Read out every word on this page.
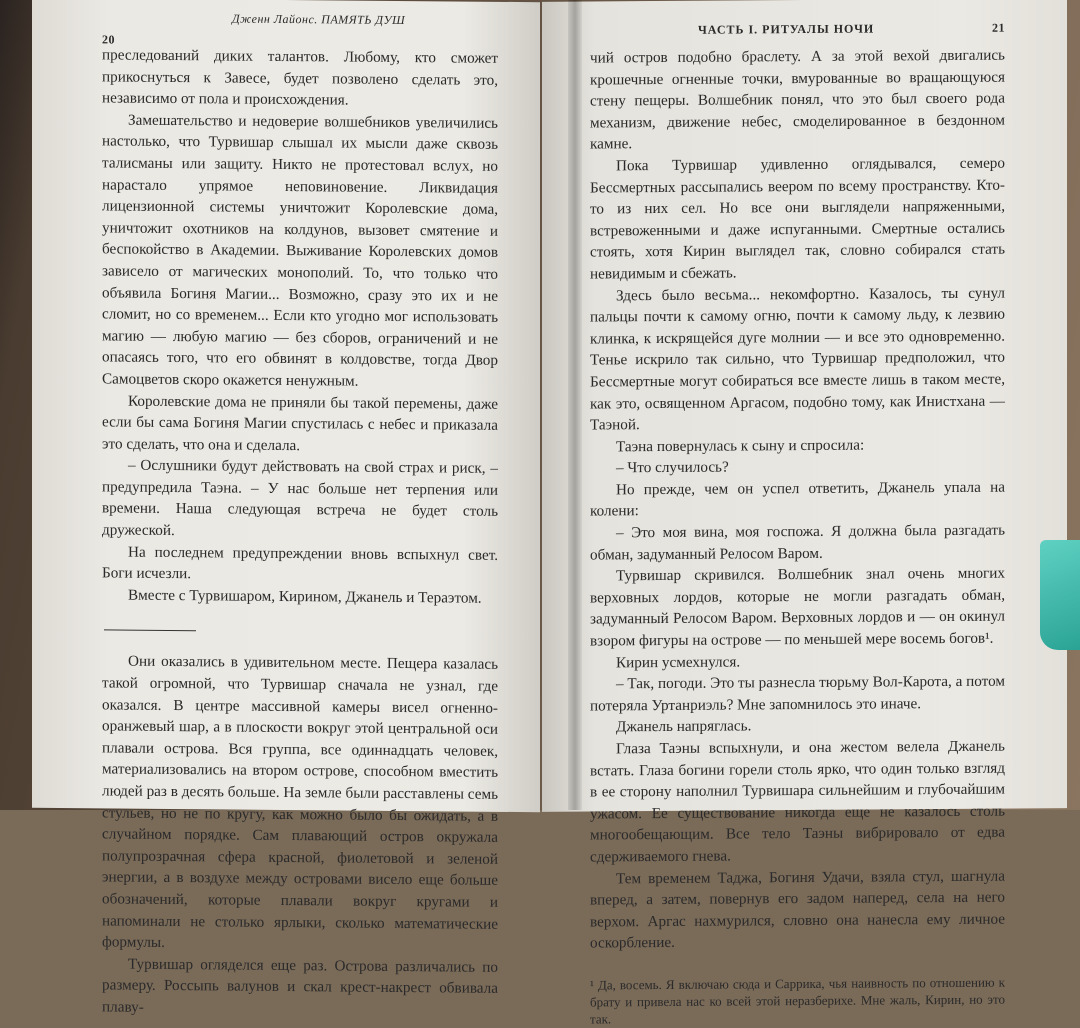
20
Дженн Лайонс. ПАМЯТЬ ДУШ

преследований диких талантов. Любому, кто сможет прикоснуться к Завесе, будет позволено сделать это, независимо от пола и происхождения.

Замешательство и недоверие волшебников увеличились настолько, что Турвишар слышал их мысли даже сквозь талисманы или защиту. Никто не протестовал вслух, но нарастало упрямое неповиновение. Ликвидация лицензионной системы уничтожит Королевские дома, уничтожит охотников на колдунов, вызовет смятение и беспокойство в Академии. Выживание Королевских домов зависело от магических монополий. То, что только что объявила Богиня Магии... Возможно, сразу это их и не сломит, но со временем... Если кто угодно мог использовать магию — любую магию — без сборов, ограничений и не опасаясь того, что его обвинят в колдовстве, тогда Двор Самоцветов скоро окажется ненужным.

Королевские дома не приняли бы такой перемены, даже если бы сама Богиня Магии спустилась с небес и приказала это сделать, что она и сделала.

– Ослушники будут действовать на свой страх и риск, – предупредила Таэна. – У нас больше нет терпения или времени. Наша следующая встреча не будет столь дружеской.

На последнем предупреждении вновь вспыхнул свет. Боги исчезли.

Вместе с Турвишаром, Кирином, Джанель и Тераэтом.

Они оказались в удивительном месте. Пещера казалась такой огромной, что Турвишар сначала не узнал, где оказался. В центре массивной камеры висел огненно-оранжевый шар, а в плоскости вокруг этой центральной оси плавали острова. Вся группа, все одиннадцать человек, материализовались на втором острове, способном вместить людей раз в десять больше. На земле были расставлены семь стульев, но не по кругу, как можно было бы ожидать, а в случайном порядке. Сам плавающий остров окружала полупрозрачная сфера красной, фиолетовой и зеленой энергии, а в воздухе между островами висело еще больше обозначений, которые плавали вокруг кругами и напоминали не столько ярлыки, сколько математические формулы.

Турвишар огляделся еще раз. Острова различались по размеру. Россыпь валунов и скал крест-накрест обвивала плаву-

ЧАСТЬ I. РИТУАЛЫ НОЧИ	21

чий остров подобно браслету. А за этой вехой двигались крошечные огненные точки, вмурованные во вращающуюся стену пещеры. Волшебник понял, что это был своего рода механизм, движение небес, смоделированное в бездонном камне.

Пока Турвишар удивленно оглядывался, семеро Бессмертных рассыпались веером по всему пространству. Кто-то из них сел. Но все они выглядели напряженными, встревоженными и даже испуганными. Смертные остались стоять, хотя Кирин выглядел так, словно собирался стать невидимым и сбежать.

Здесь было весьма... некомфортно. Казалось, ты сунул пальцы почти к самому огню, почти к самому льду, к лезвию клинка, к искрящейся дуге молнии — и все это одновременно. Тенье искрило так сильно, что Турвишар предположил, что Бессмертные могут собираться все вместе лишь в таком месте, как это, освященном Аргасом, подобно тому, как Инистхана — Таэной.

Таэна повернулась к сыну и спросила:

– Что случилось?

Но прежде, чем он успел ответить, Джанель упала на колени:

– Это моя вина, моя госпожа. Я должна была разгадать обман, задуманный Релосом Варом.

Турвишар скривился. Волшебник знал очень многих верховных лордов, которые не могли разгадать обман, задуманный Релосом Варом. Верховных лордов и — он окинул взором фигуры на острове — по меньшей мере восемь богов¹.

Кирин усмехнулся.

– Так, погоди. Это ты разнесла тюрьму Вол-Карота, а потом потеряла Уртанриэль? Мне запомнилось это иначе.

Джанель напряглась.

Глаза Таэны вспыхнули, и она жестом велела Джанель встать. Глаза богини горели столь ярко, что один только взгляд в ее сторону наполнил Турвишара сильнейшим и глубочайшим ужасом. Ее существование никогда еще не казалось столь многообещающим. Все тело Таэны вибрировало от едва сдерживаемого гнева.

Тем временем Таджа, Богиня Удачи, взяла стул, шагнула вперед, а затем, повернув его задом наперед, села на него верхом. Аргас нахмурился, словно она нанесла ему личное оскорбление.

¹ Да, восемь. Я включаю сюда и Саррика, чья наивность по отношению к брату и привела нас ко всей этой неразберихе. Мне жаль, Кирин, но это так.
